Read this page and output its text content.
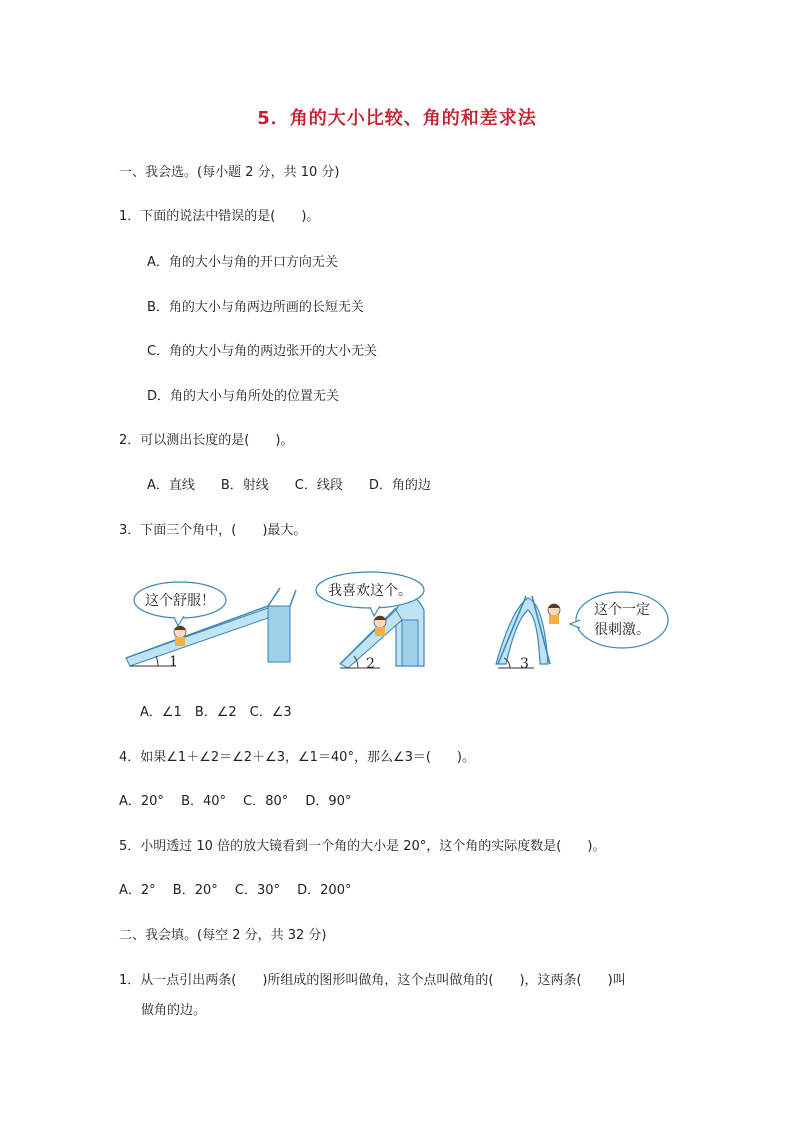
5．角的大小比较、角的和差求法
一、我会选。(每小题 2 分，共 10 分)
1．下面的说法中错误的是(　　)。
A．角的大小与角的开口方向无关
B．角的大小与角两边所画的长短无关
C．角的大小与角的两边张开的大小无关
D．角的大小与角所处的位置无关
2．可以测出长度的是(　　)。
A．直线　　B．射线　　C．线段　　D．角的边
3．下面三个角中，(　　)最大。
这个舒服！
1
我喜欢这个。
2
这个一定
很刺激。
3
A．∠1　B．∠2　C．∠3
4．如果∠1＋∠2＝∠2＋∠3，∠1＝40°，那么∠3＝(　　)。
A．20°　 B．40°　 C．80°　 D．90°
5．小明透过 10 倍的放大镜看到一个角的大小是 20°，这个角的实际度数是(　　)。
A．2°　 B．20°　 C．30°　 D．200°
二、我会填。(每空 2 分，共 32 分)
1．从一点引出两条(　　)所组成的图形叫做角，这个点叫做角的(　　)，这两条(　　)叫
做角的边。
